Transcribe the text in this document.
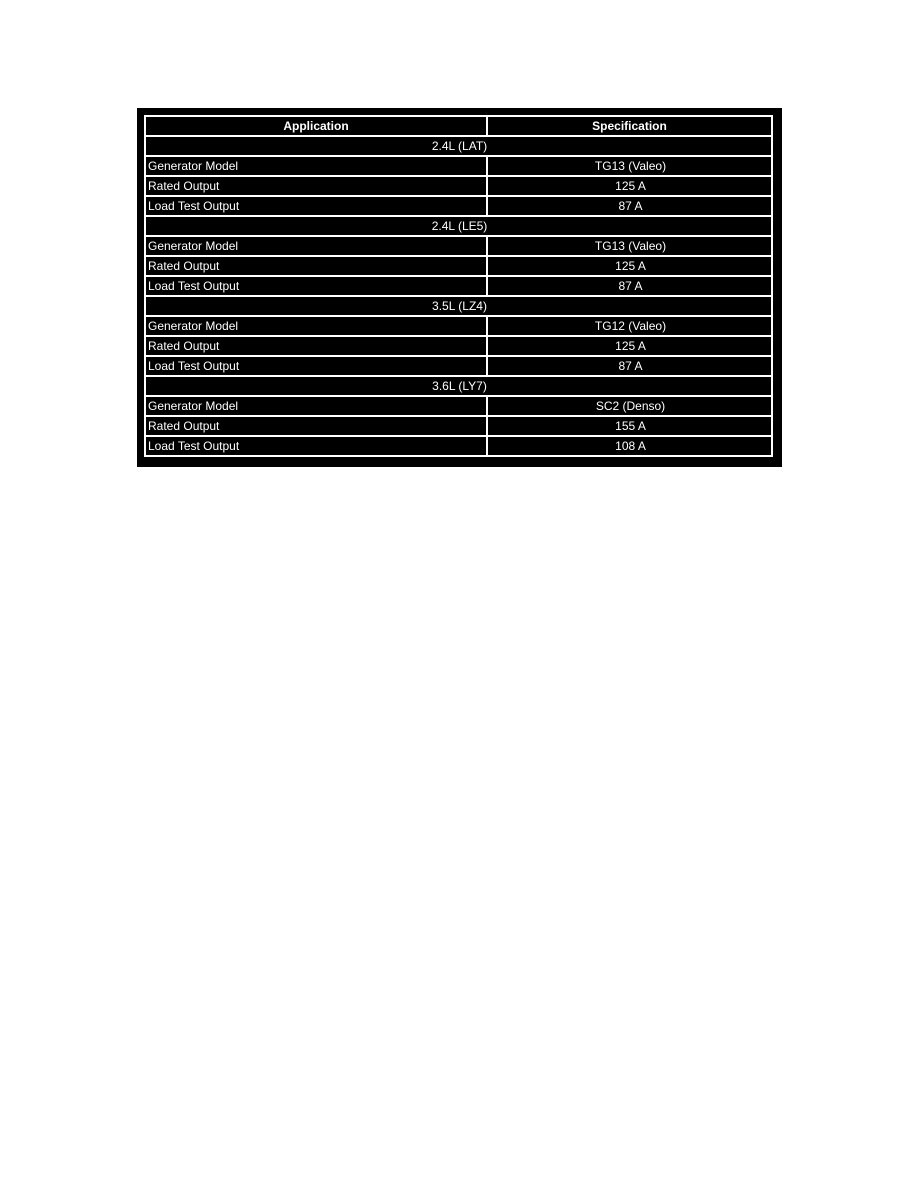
Application	Specification
2.4L (LAT)	
Generator Model	TG13 (Valeo)
Rated Output	125 A
Load Test Output	87 A
2.4L (LE5)	
Generator Model	TG13 (Valeo)
Rated Output	125 A
Load Test Output	87 A
3.5L (LZ4)	
Generator Model	TG12 (Valeo)
Rated Output	125 A
Load Test Output	87 A
3.6L (LY7)	
Generator Model	SC2 (Denso)
Rated Output	155 A
Load Test Output	108 A
